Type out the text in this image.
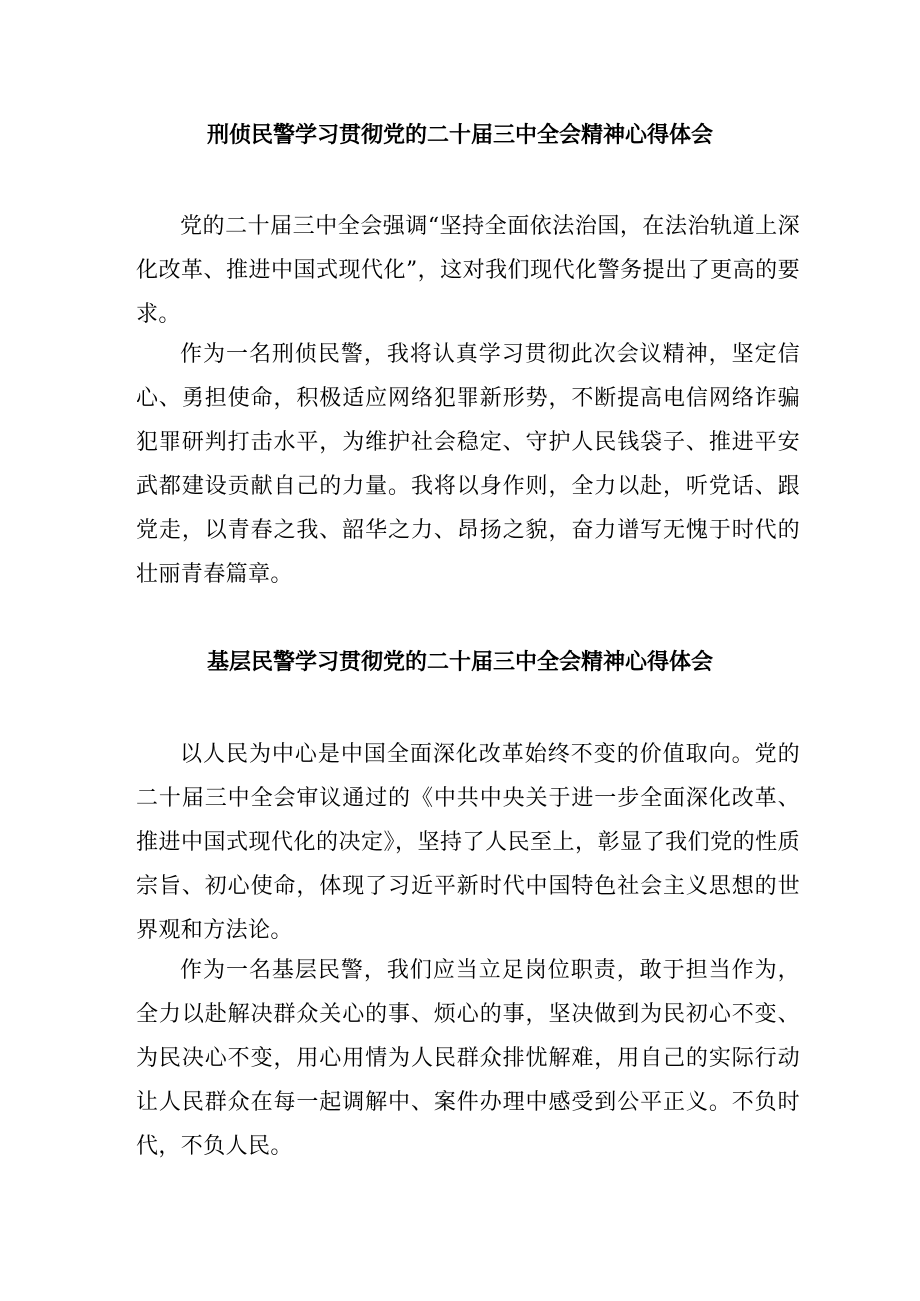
刑侦民警学习贯彻党的二十届三中全会精神心得体会

党的二十届三中全会强调“坚持全面依法治国，在法治轨道上深化改革、推进中国式现代化”，这对我们现代化警务提出了更高的要求。

作为一名刑侦民警，我将认真学习贯彻此次会议精神，坚定信心、勇担使命，积极适应网络犯罪新形势，不断提高电信网络诈骗犯罪研判打击水平，为维护社会稳定、守护人民钱袋子、推进平安武都建设贡献自己的力量。我将以身作则，全力以赴，听党话、跟党走，以青春之我、韶华之力、昂扬之貌，奋力谱写无愧于时代的壮丽青春篇章。

基层民警学习贯彻党的二十届三中全会精神心得体会

以人民为中心是中国全面深化改革始终不变的价值取向。党的二十届三中全会审议通过的《中共中央关于进一步全面深化改革、推进中国式现代化的决定》，坚持了人民至上，彰显了我们党的性质宗旨、初心使命，体现了习近平新时代中国特色社会主义思想的世界观和方法论。

作为一名基层民警，我们应当立足岗位职责，敢于担当作为，全力以赴解决群众关心的事、烦心的事，坚决做到为民初心不变、为民决心不变，用心用情为人民群众排忧解难，用自己的实际行动让人民群众在每一起调解中、案件办理中感受到公平正义。不负时代，不负人民。
